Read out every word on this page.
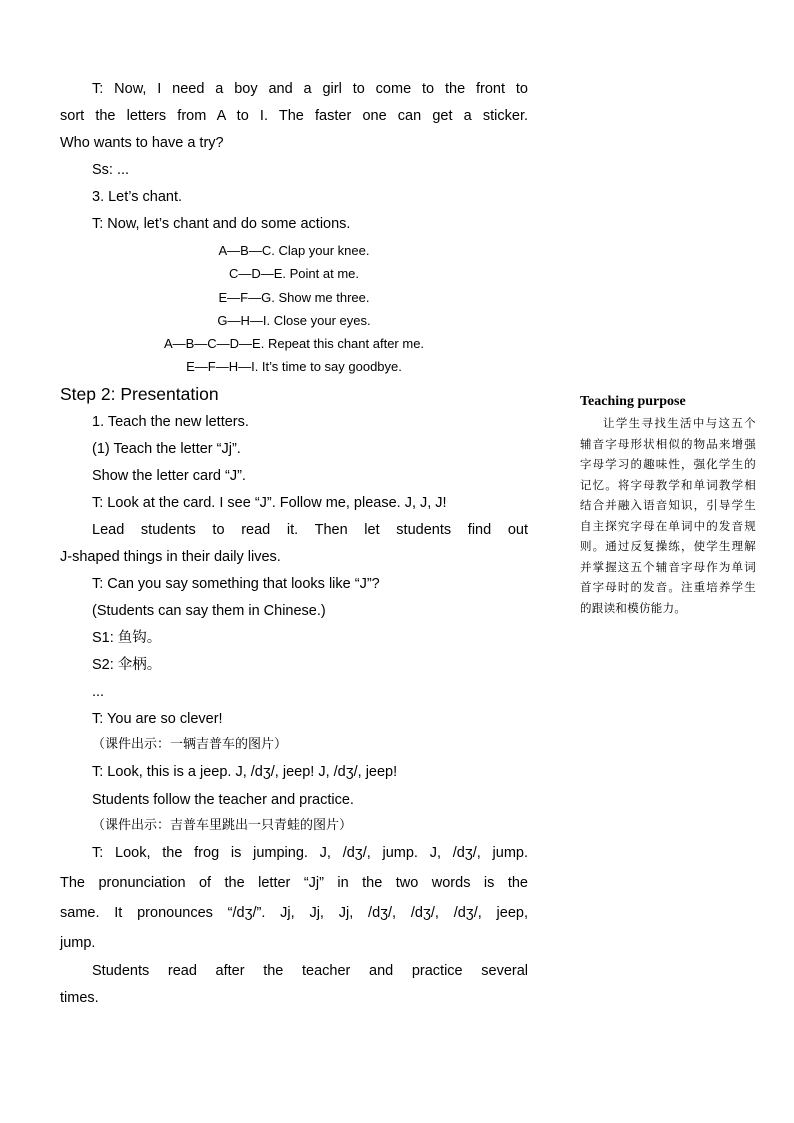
T: Now, I need a boy and a girl to come to the front to

sort the letters from A to I. The faster one can get a sticker.

Who wants to have a try?

Ss: ...

3. Let’s chant.

T: Now, let’s chant and do some actions.

A—B—C. Clap your knee.

C—D—E. Point at me.

E—F—G. Show me three.

G—H—I. Close your eyes.

A—B—C—D—E. Repeat this chant after me.

E—F—H—I. It’s time to say goodbye.

Step 2: Presentation

1. Teach the new letters.

(1) Teach the letter “Jj”.

Show the letter card “J”.

T: Look at the card. I see “J”. Follow me, please. J, J, J!

Lead students to read it. Then let students find out

J-shaped things in their daily lives.

T: Can you say something that looks like “J”?

(Students can say them in Chinese.)

S1: 鱼钩。

S2: 伞柄。

...

T: You are so clever!

（课件出示：一辆吉普车的图片）

T: Look, this is a jeep. J, /dʒ/, jeep! J, /dʒ/, jeep!

Students follow the teacher and practice.

（课件出示：吉普车里跳出一只青蛙的图片）

T: Look, the frog is jumping. J, /dʒ/, jump. J, /dʒ/, jump.

The pronunciation of the letter “Jj” in the two words is the

same. It pronounces “/dʒ/”. Jj, Jj, Jj, /dʒ/, /dʒ/, /dʒ/, jeep,

jump.

Students read after the teacher and practice several

times.

Teaching purpose

让学生寻找生活中与这五个辅音字母形状相似的物品来增强字母学习的趣味性，强化学生的记忆。将字母教学和单词教学相结合并融入语音知识，引导学生自主探究字母在单词中的发音规则。通过反复操练，使学生理解并掌握这五个辅音字母作为单词首字母时的发音。注重培养学生的跟读和模仿能力。
